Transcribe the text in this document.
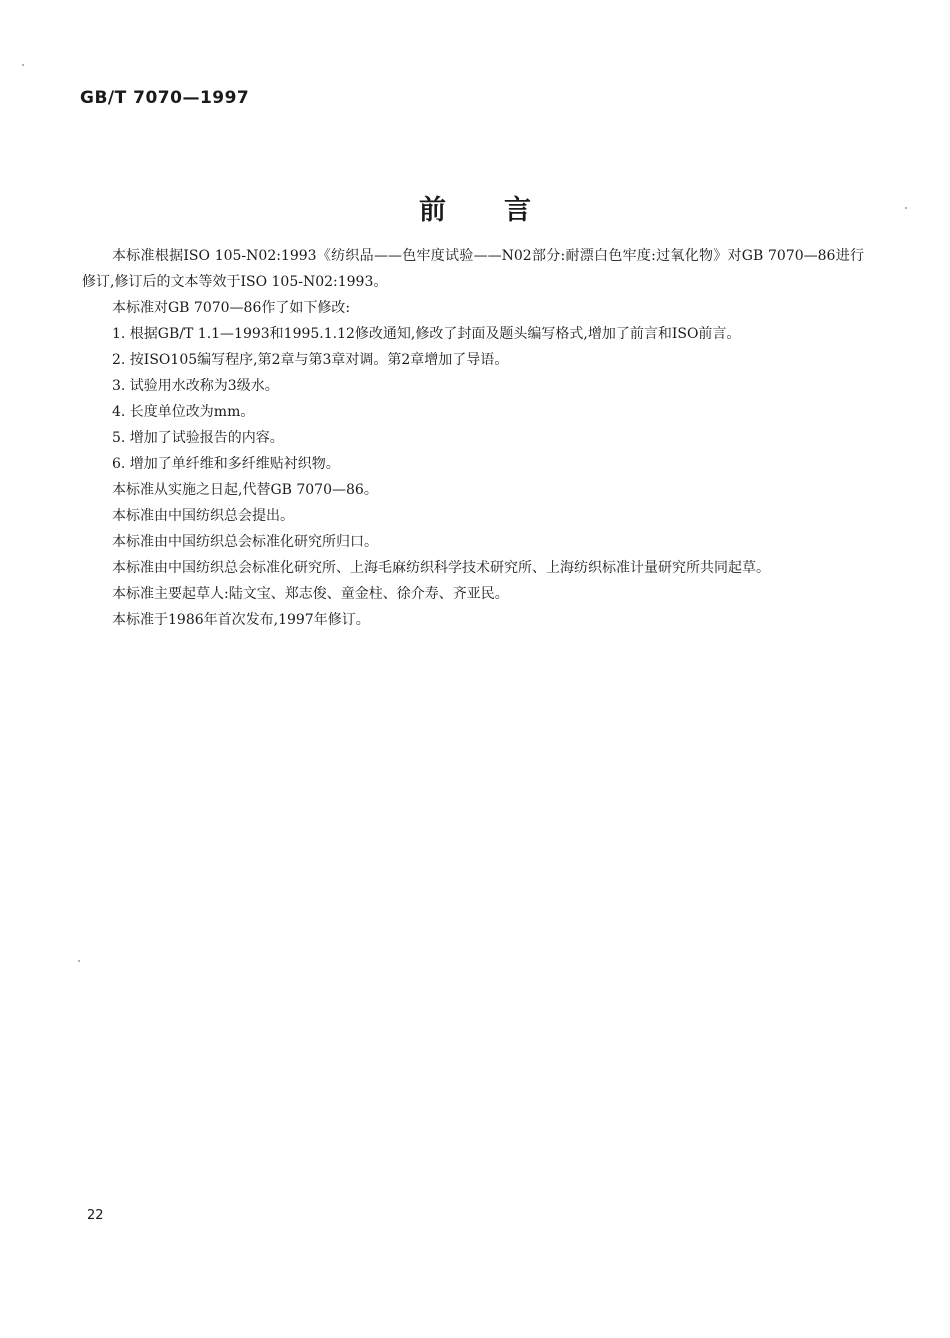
GB/T 7070—1997
前言

本标准根据ISO 105-N02:1993《纺织品——色牢度试验——N02部分:耐漂白色牢度:过氧化物》对GB 7070—86进行修订,修订后的文本等效于ISO 105-N02:1993。

本标准对GB 7070—86作了如下修改:

1. 根据GB/T 1.1—1993和1995.1.12修改通知,修改了封面及题头编写格式,增加了前言和ISO前言。

2. 按ISO105编写程序,第2章与第3章对调。第2章增加了导语。

3. 试验用水改称为3级水。

4. 长度单位改为mm。

5. 增加了试验报告的内容。

6. 增加了单纤维和多纤维贴衬织物。

本标准从实施之日起,代替GB 7070—86。

本标准由中国纺织总会提出。

本标准由中国纺织总会标准化研究所归口。

本标准由中国纺织总会标准化研究所、上海毛麻纺织科学技术研究所、上海纺织标准计量研究所共同起草。

本标准主要起草人:陆文宝、郑志俊、童金柱、徐介寿、齐亚民。

本标准于1986年首次发布,1997年修订。

22
